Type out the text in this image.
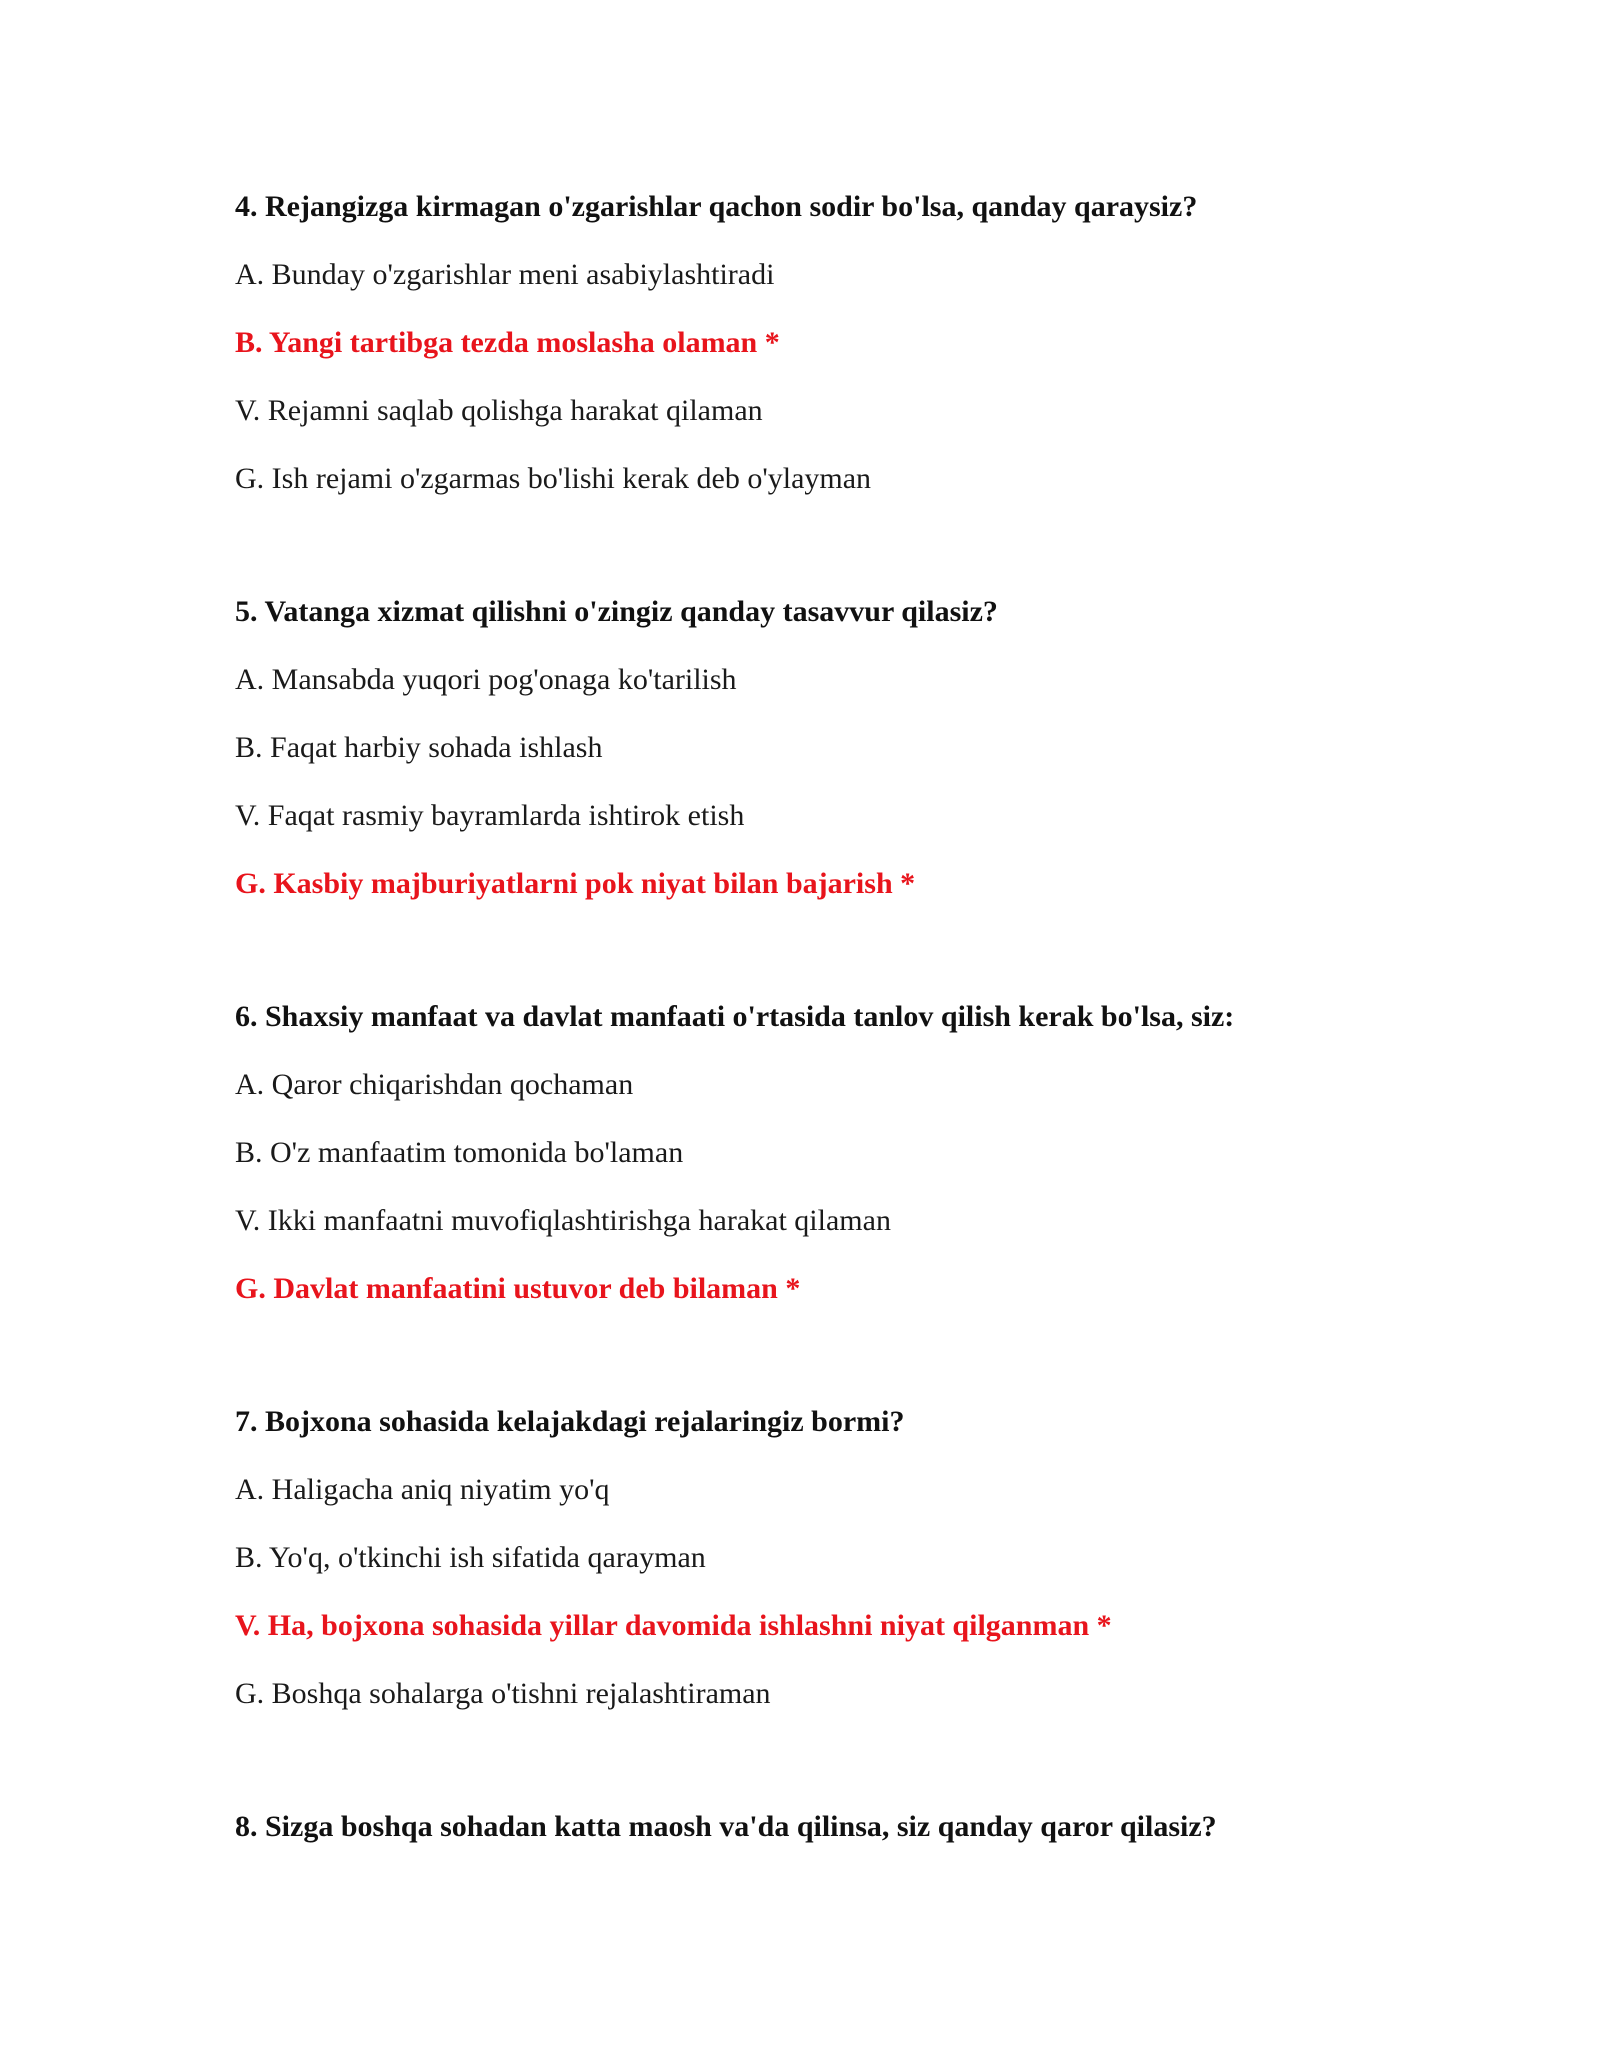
4. Rejangizga kirmagan o'zgarishlar qachon sodir bo'lsa, qanday qaraysiz?
A. Bunday o'zgarishlar meni asabiylashtiradi
B. Yangi tartibga tezda moslasha olaman *
V. Rejamni saqlab qolishga harakat qilaman
G. Ish rejami o'zgarmas bo'lishi kerak deb o'ylayman
5. Vatanga xizmat qilishni o'zingiz qanday tasavvur qilasiz?
A. Mansabda yuqori pog'onaga ko'tarilish
B. Faqat harbiy sohada ishlash
V. Faqat rasmiy bayramlarda ishtirok etish
G. Kasbiy majburiyatlarni pok niyat bilan bajarish *
6. Shaxsiy manfaat va davlat manfaati o'rtasida tanlov qilish kerak bo'lsa, siz:
A. Qaror chiqarishdan qochaman
B. O'z manfaatim tomonida bo'laman
V. Ikki manfaatni muvofiqlashtirishga harakat qilaman
G. Davlat manfaatini ustuvor deb bilaman *
7. Bojxona sohasida kelajakdagi rejalaringiz bormi?
A. Haligacha aniq niyatim yo'q
B. Yo'q, o'tkinchi ish sifatida qarayman
V. Ha, bojxona sohasida yillar davomida ishlashni niyat qilganman *
G. Boshqa sohalarga o'tishni rejalashtiraman
8. Sizga boshqa sohadan katta maosh va'da qilinsa, siz qanday qaror qilasiz?
